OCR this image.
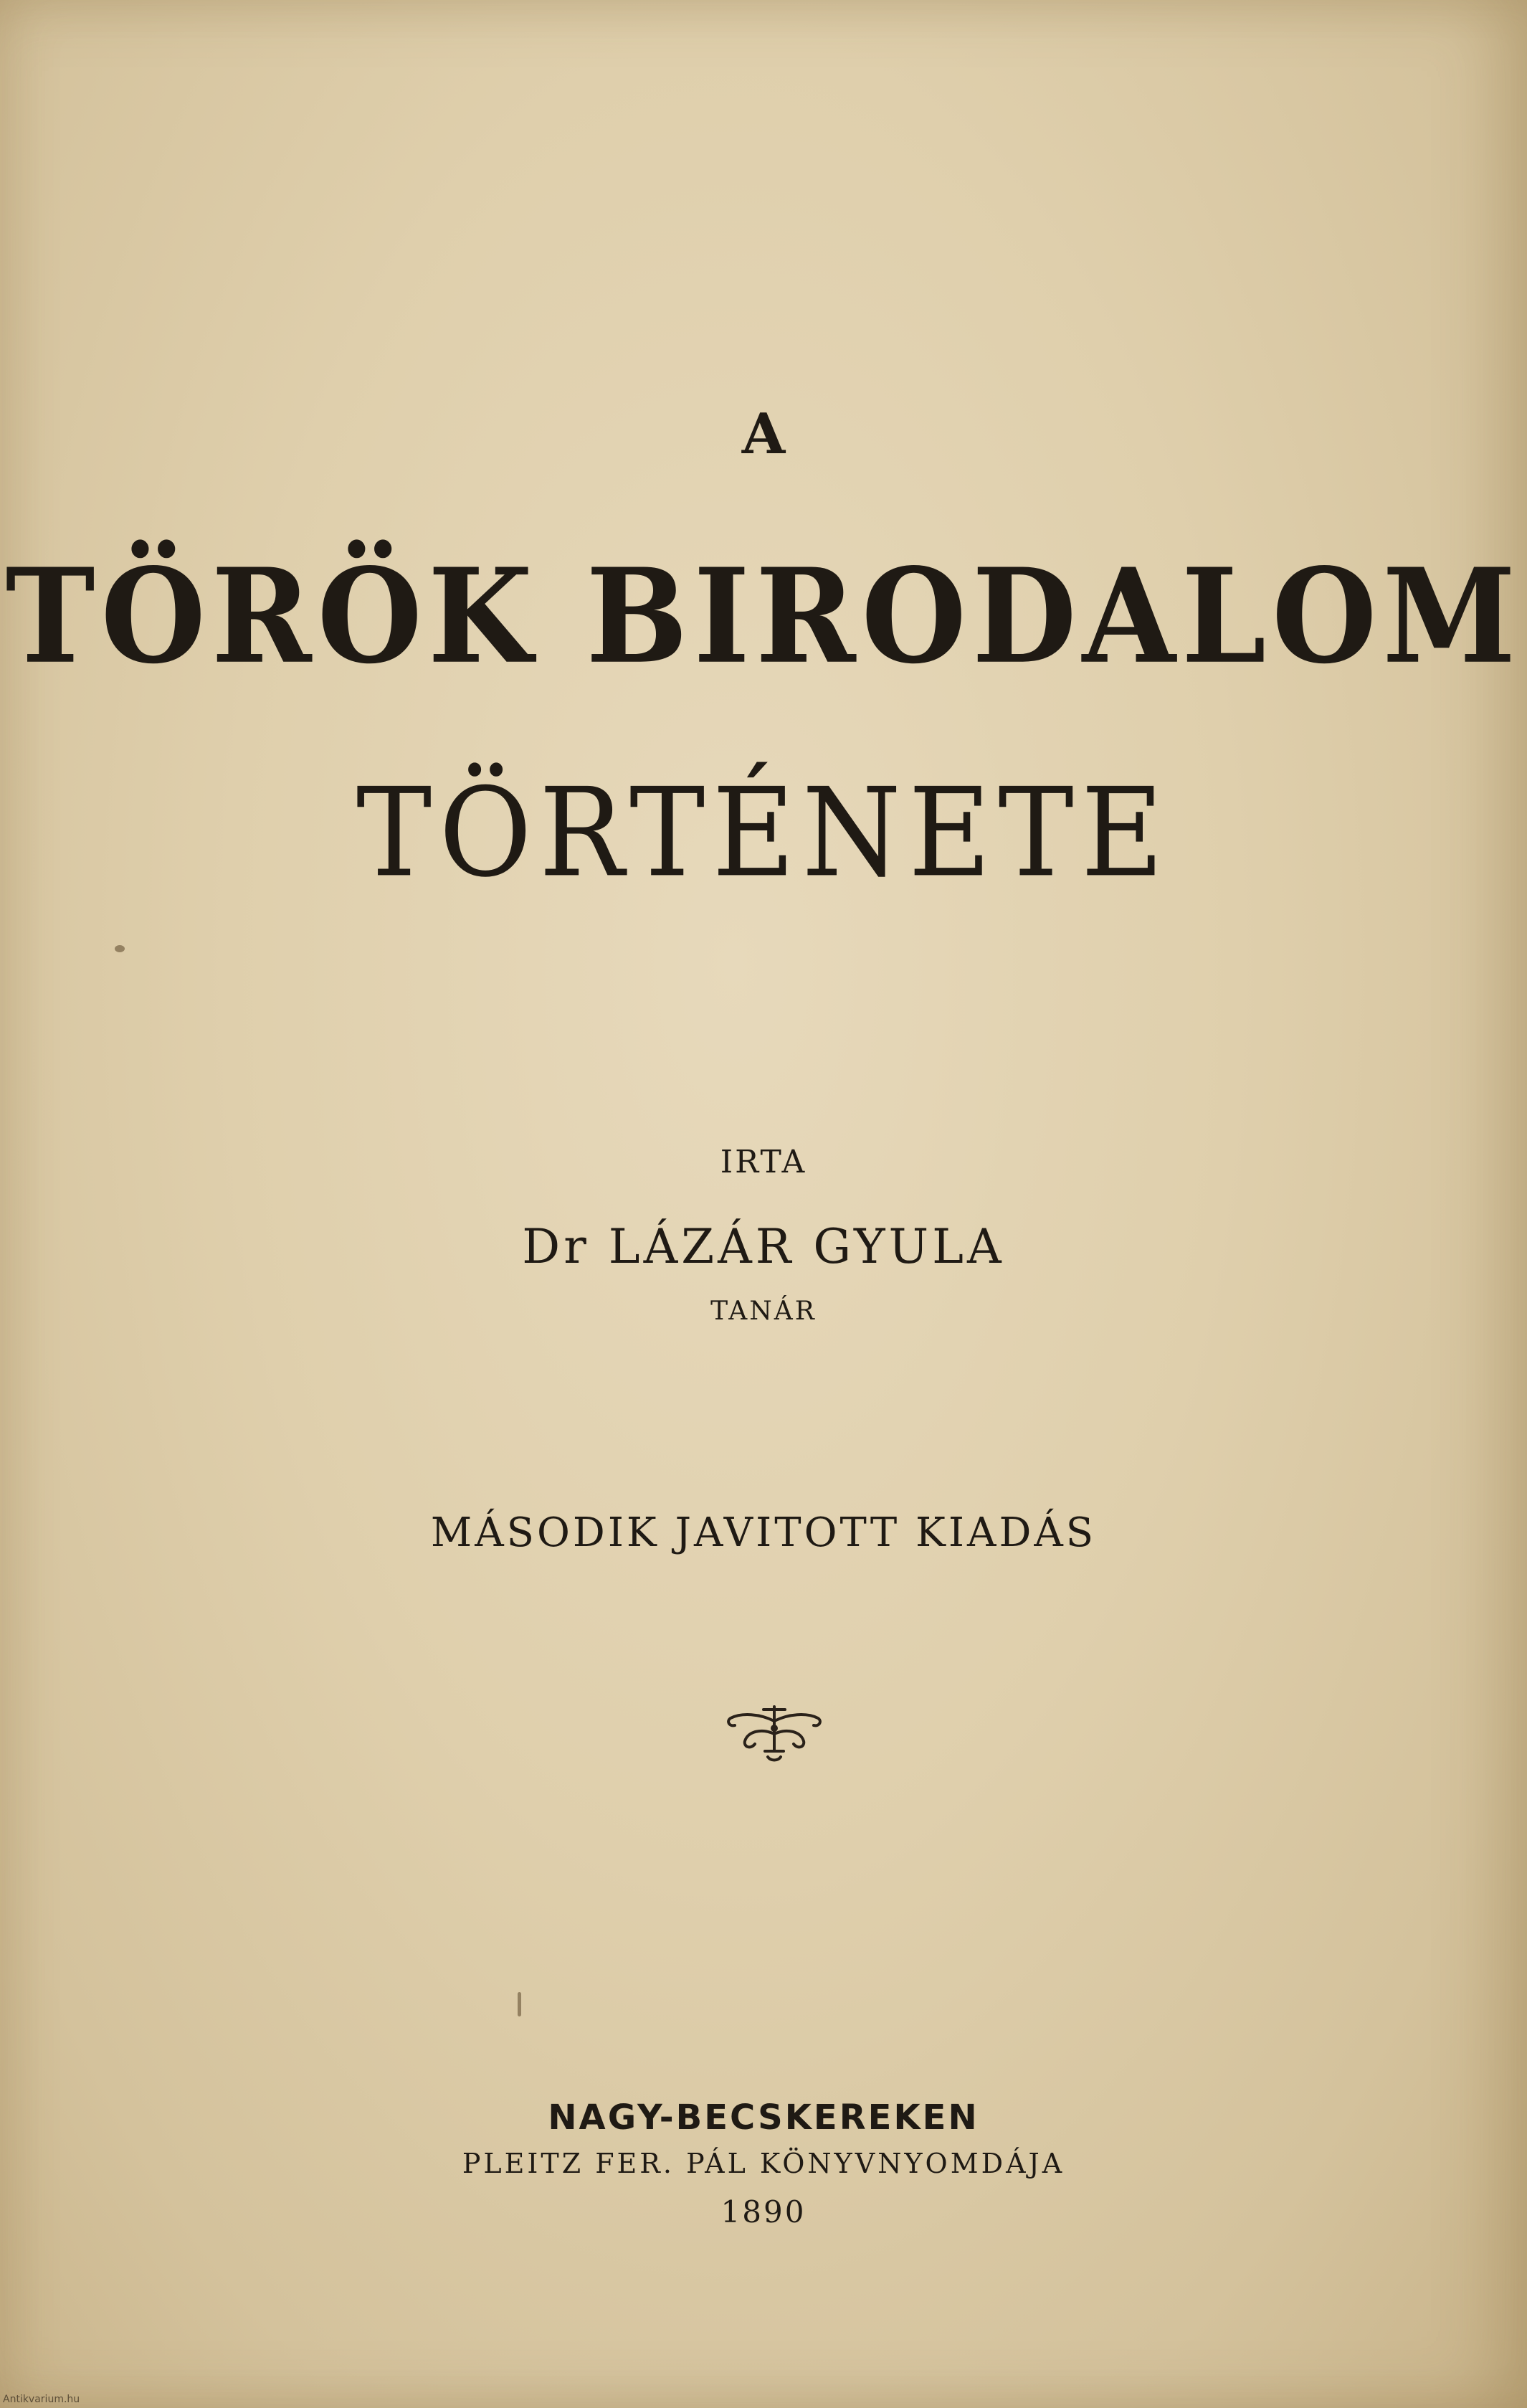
A
TÖRÖK BIRODALOM
TÖRTÉNETE
IRTA
Dr LÁZÁR GYULA
TANÁR
MÁSODIK JAVITOTT KIADÁS
NAGY-BECSKEREKEN
PLEITZ FER. PÁL KÖNYVNYOMDÁJA
1890
Antikvarium.hu
